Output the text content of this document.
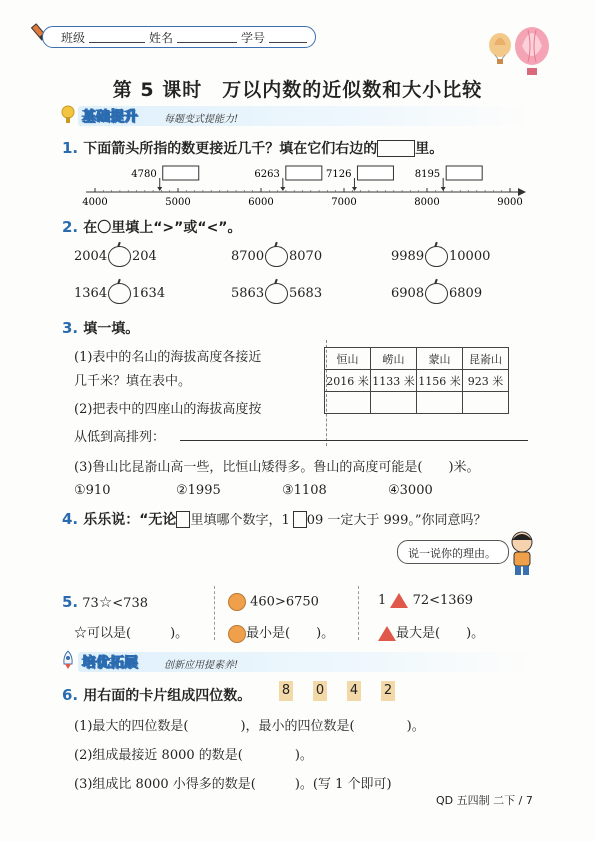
班级	姓名	学号
第 5 课时　万以内数的近似数和大小比较
基础提升	每题变式提能力!
1. 下面箭头所指的数更接近几千？填在它们右边的	里。
4000	5000	6000	7000	8000	9000
4780	6263	7126	8195
2. 在〇里填上“>”或“<”。
2004 204	8700 8070	9989 10000
1364 1634	5863 5683	6908 6809
3. 填一填。
(1)表中的名山的海拔高度各接近
几千米？填在表中。
(2)把表中的四座山的海拔高度按
从低到高排列：
恒山	崂山	蒙山	昆嵛山
2016 米	1133 米	1156 米	923 米

(3)鲁山比昆嵛山高一些，比恒山矮得多。鲁山的高度可能是(　　)米。
①910	②1995	③1108	④3000
4. 乐乐说：“无论 里填哪个数字，1 09 一定大于 999。”你同意吗？
说一说你的理由。
5. 73☆<738
☆可以是(　　　)。
460>6750
最小是(　　)。
1 72<1369
最大是(　　)。
培优拓展	创新应用提素养!
6. 用右面的卡片组成四位数。 8 0 4 2
(1)最大的四位数是(　　　　)，最小的四位数是(　　　　)。
(2)组成最接近 8000 的数是(　　　　)。
(3)组成比 8000 小得多的数是(　　　)。(写 1 个即可)
QD 五四制 二下 / 7
